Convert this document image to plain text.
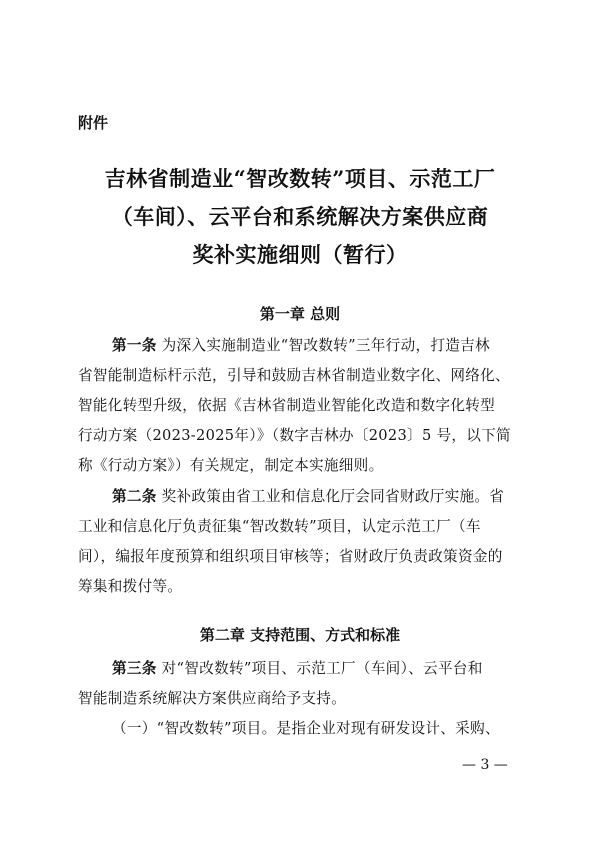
附件
吉林省制造业“智改数转”项目、示范工厂
（车间）、云平台和系统解决方案供应商
奖补实施细则（暂行）
第一章 总则
第一条 为深入实施制造业“智改数转”三年行动，打造吉林
省智能制造标杆示范，引导和鼓励吉林省制造业数字化、网络化、
智能化转型升级，依据《吉林省制造业智能化改造和数字化转型
行动方案（2023-2025年）》（数字吉林办〔2023〕5 号，以下简
称《行动方案》）有关规定，制定本实施细则。
第二条 奖补政策由省工业和信息化厅会同省财政厅实施。省
工业和信息化厅负责征集“智改数转”项目，认定示范工厂（车
间），编报年度预算和组织项目审核等；省财政厅负责政策资金的
筹集和拨付等。
第二章 支持范围、方式和标准
第三条 对“智改数转”项目、示范工厂（车间）、云平台和
智能制造系统解决方案供应商给予支持。
（一）“智改数转”项目。是指企业对现有研发设计、采购、
— 3 —
